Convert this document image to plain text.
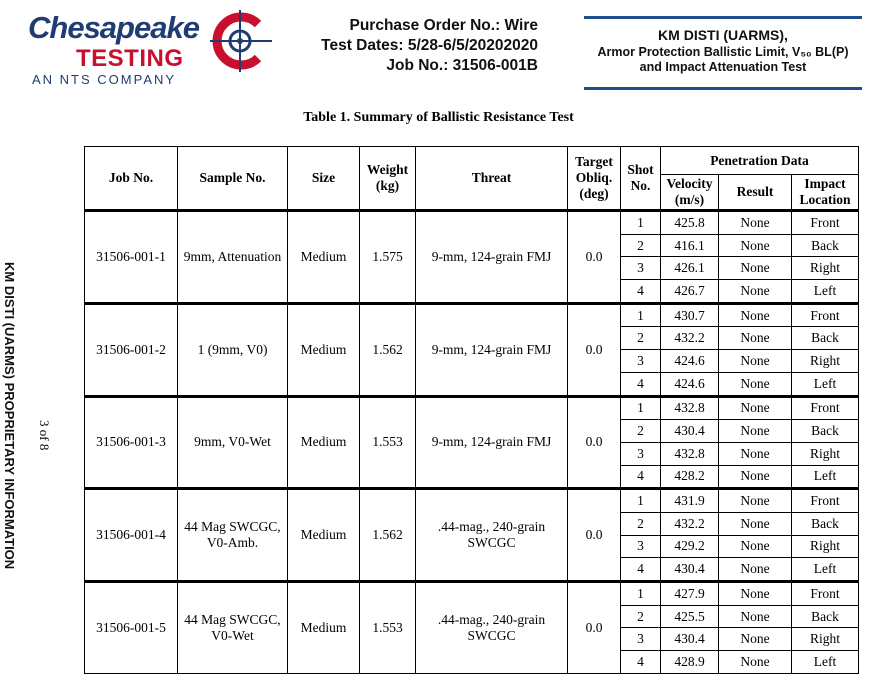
Chesapeake
TESTING
AN NTS COMPANY
Purchase Order No.: Wire
Test Dates: 5/28-6/5/20202020
Job No.: 31506-001B
KM DISTI (UARMS),
Armor Protection Ballistic Limit, V₅₀ BL(P)
and Impact Attenuation Test
Table 1. Summary of Ballistic Resistance Test
KM DISTI (UARMS) PROPRIETARY INFORMATION 3 of 8
Job No.	Sample No.	Size	Weight (kg)	Threat	Target Obliq. (deg)	Shot No.	Penetration Data		
							Velocity (m/s)	Result	Impact Location
31506-001-1	9mm, Attenuation	Medium	1.575	9-mm, 124-grain FMJ	0.0	1	425.8	None	Front
						2	416.1	None	Back
						3	426.1	None	Right
						4	426.7	None	Left
31506-001-2	1 (9mm, V0)	Medium	1.562	9-mm, 124-grain FMJ	0.0	1	430.7	None	Front
						2	432.2	None	Back
						3	424.6	None	Right
						4	424.6	None	Left
31506-001-3	9mm, V0-Wet	Medium	1.553	9-mm, 124-grain FMJ	0.0	1	432.8	None	Front
						2	430.4	None	Back
						3	432.8	None	Right
						4	428.2	None	Left
31506-001-4	44 Mag SWCGC, V0-Amb.	Medium	1.562	.44-mag., 240-grain SWCGC	0.0	1	431.9	None	Front
						2	432.2	None	Back
						3	429.2	None	Right
						4	430.4	None	Left
31506-001-5	44 Mag SWCGC, V0-Wet	Medium	1.553	.44-mag., 240-grain SWCGC	0.0	1	427.9	None	Front
						2	425.5	None	Back
						3	430.4	None	Right
						4	428.9	None	Left
